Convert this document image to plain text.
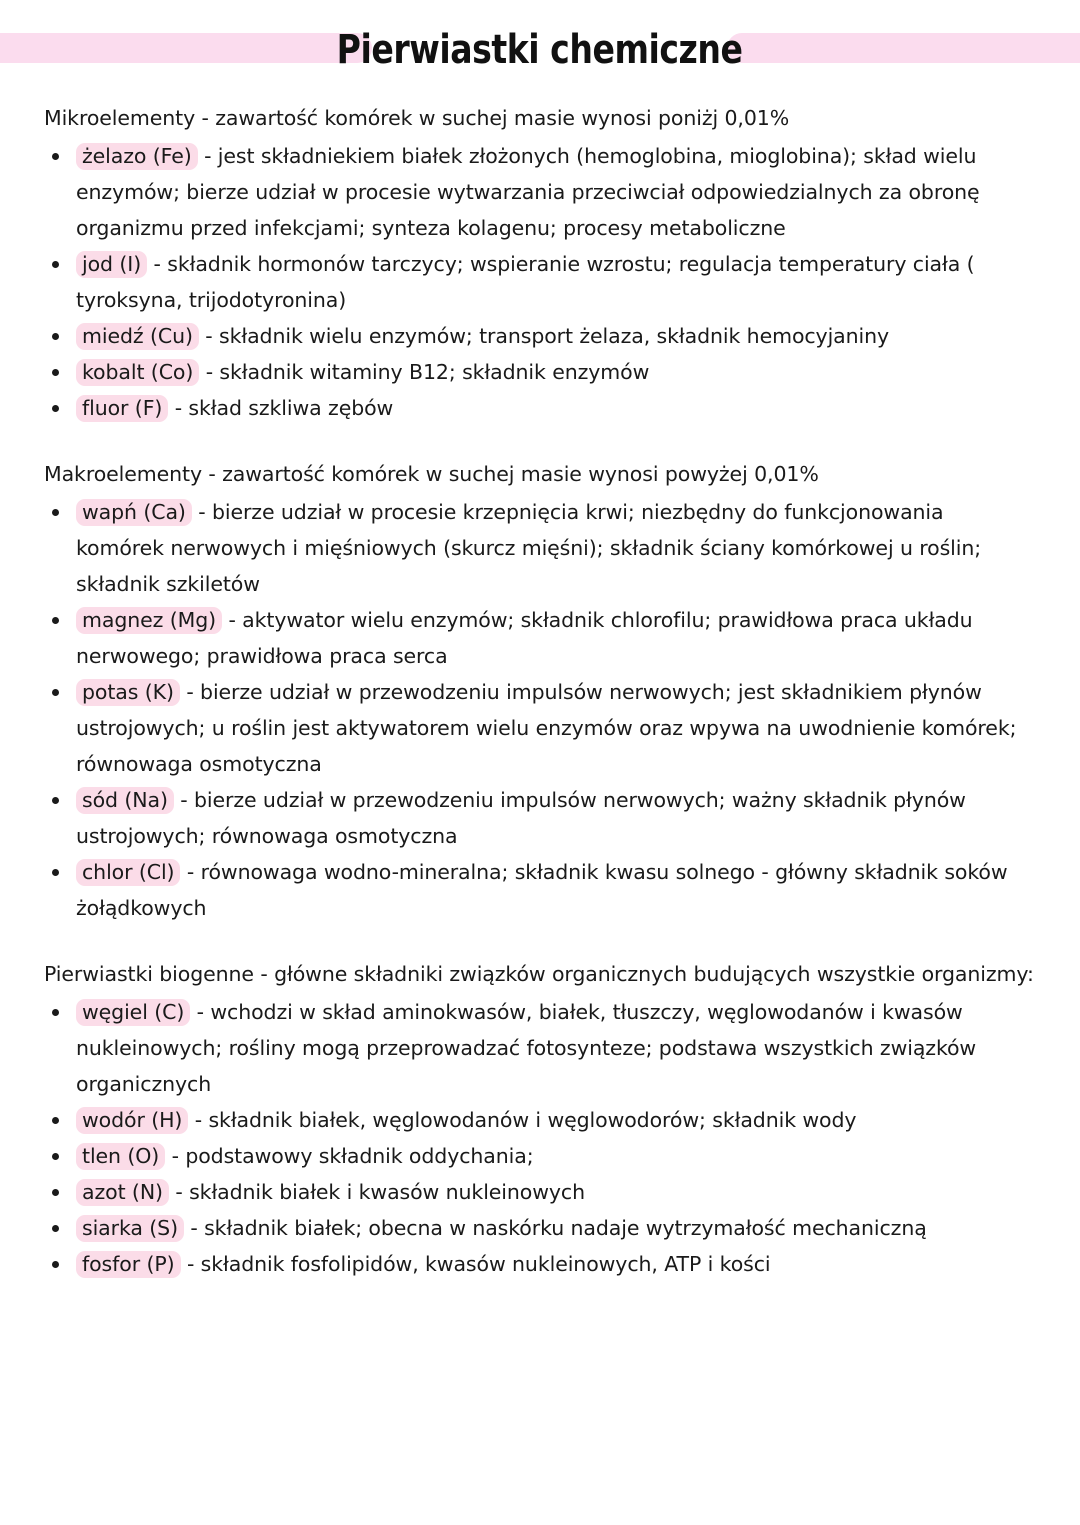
Pierwiastki chemiczne

Mikroelementy - zawartość komórek w suchej masie wynosi poniżj 0,01%

żelazo (Fe) - jest składniekiem białek złożonych (hemoglobina, mioglobina); skład wielu enzymów; bierze udział w procesie wytwarzania przeciwciał odpowiedzialnych za obronę organizmu przed infekcjami; synteza kolagenu; procesy metaboliczne
jod (I) - składnik hormonów tarczycy; wspieranie wzrostu; regulacja temperatury ciała ( tyroksyna, trijodotyronina)
miedź (Cu) - składnik wielu enzymów; transport żelaza, składnik hemocyjaniny
kobalt (Co) - składnik witaminy B12; składnik enzymów
fluor (F) - skład szkliwa zębów

Makroelementy - zawartość komórek w suchej masie wynosi powyżej 0,01%

wapń (Ca) - bierze udział w procesie krzepnięcia krwi; niezbędny do funkcjonowania komórek nerwowych i mięśniowych (skurcz mięśni); składnik ściany komórkowej u roślin; składnik szkiletów
magnez (Mg) - aktywator wielu enzymów; składnik chlorofilu; prawidłowa praca układu nerwowego; prawidłowa praca serca
potas (K) - bierze udział w przewodzeniu impulsów nerwowych; jest składnikiem płynów ustrojowych; u roślin jest aktywatorem wielu enzymów oraz wpywa na uwodnienie komórek; równowaga osmotyczna
sód (Na) - bierze udział w przewodzeniu impulsów nerwowych; ważny składnik płynów ustrojowych; równowaga osmotyczna
chlor (Cl) - równowaga wodno-mineralna; składnik kwasu solnego - główny składnik soków żołądkowych

Pierwiastki biogenne - główne składniki związków organicznych budujących wszystkie organizmy:

węgiel (C) - wchodzi w skład aminokwasów, białek, tłuszczy, węglowodanów i kwasów nukleinowych; rośliny mogą przeprowadzać fotosynteze; podstawa wszystkich związków organicznych
wodór (H) - składnik białek, węglowodanów i węglowodorów; składnik wody
tlen (O) - podstawowy składnik oddychania;
azot (N) - składnik białek i kwasów nukleinowych
siarka (S) - składnik białek; obecna w naskórku nadaje wytrzymałość mechaniczną
fosfor (P) - składnik fosfolipidów, kwasów nukleinowych, ATP i kości
